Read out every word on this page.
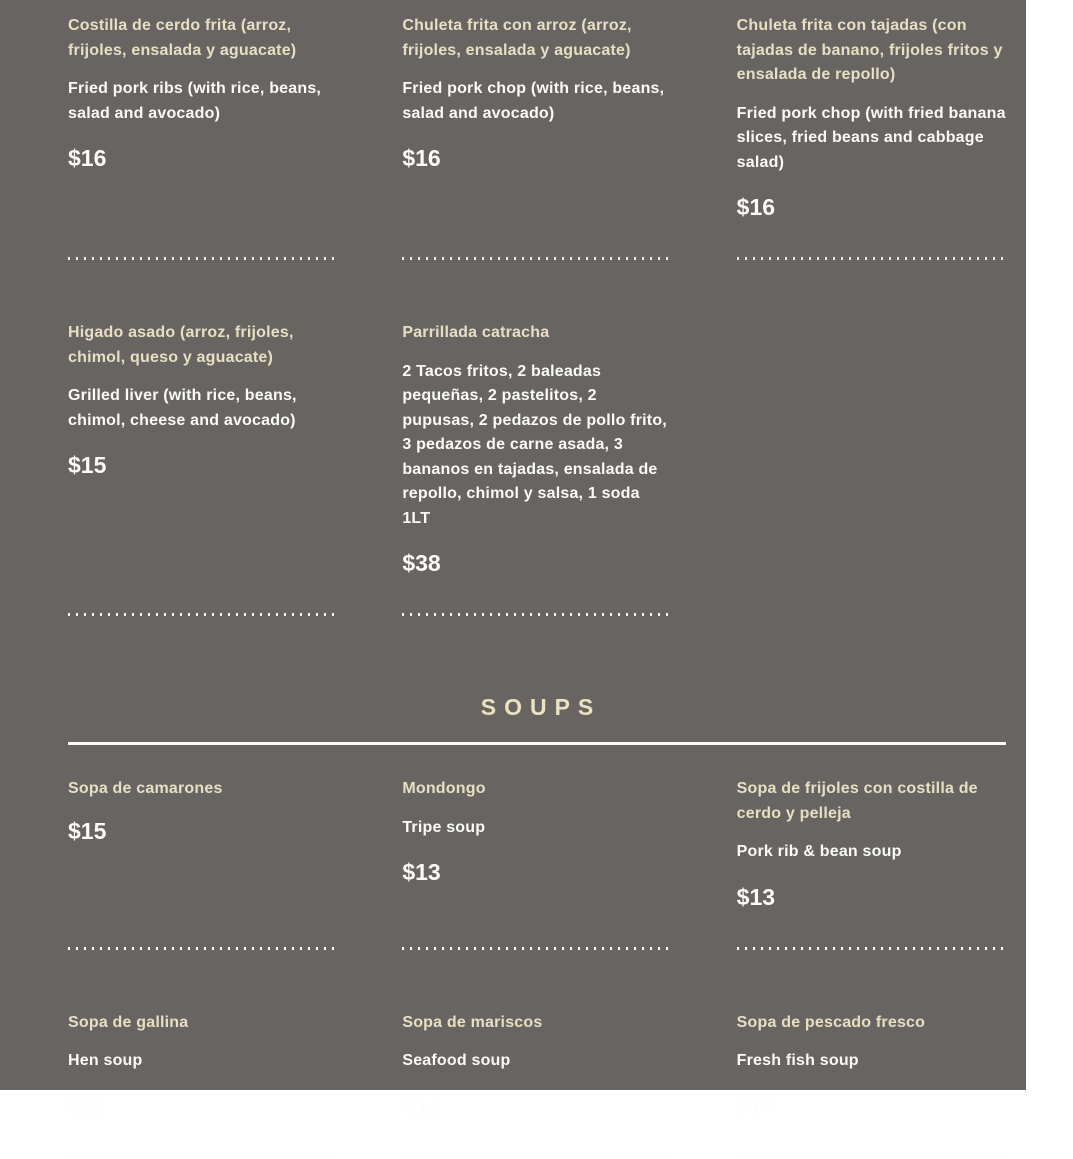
Costilla de cerdo frita (arroz, frijoles, ensalada y aguacate)

Fried pork ribs (with rice, beans, salad and avocado)

$16

Chuleta frita con arroz (arroz, frijoles, ensalada y aguacate)

Fried pork chop (with rice, beans, salad and avocado)

$16

Chuleta frita con tajadas (con tajadas de banano, frijoles fritos y ensalada de repollo)

Fried pork chop (with fried banana slices, fried beans and cabbage salad)

$16

Higado asado (arroz, frijoles, chimol, queso y aguacate)

Grilled liver (with rice, beans, chimol, cheese and avocado)

$15

Parrillada catracha

2 Tacos fritos, 2 baleadas pequeñas, 2 pastelitos, 2 pupusas, 2 pedazos de pollo frito, 3 pedazos de carne asada, 3 bananos en tajadas, ensalada de repollo, chimol y salsa, 1 soda 1LT

$38

SOUPS

Sopa de camarones

$15

Mondongo

Tripe soup

$13

Sopa de frijoles con costilla de cerdo y pelleja

Pork rib & bean soup

$13

Sopa de gallina

Hen soup

$13

Sopa de mariscos

Seafood soup

$13

Sopa de pescado fresco

Fresh fish soup

$13
